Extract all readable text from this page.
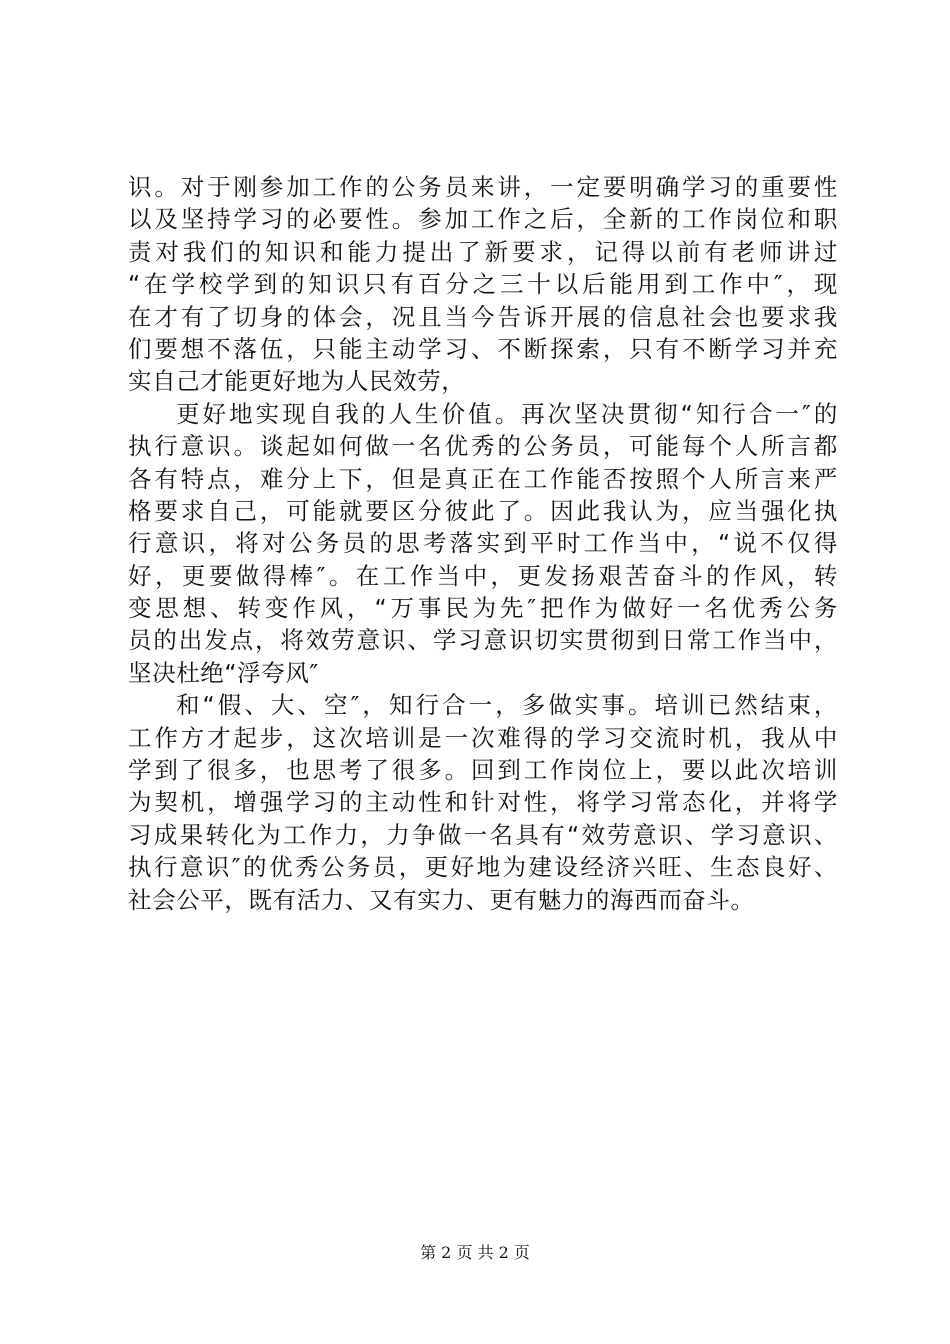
识。对于刚参加工作的公务员来讲，一定要明确学习的重要性
以及坚持学习的必要性。参加工作之后，全新的工作岗位和职
责对我们的知识和能力提出了新要求，记得以前有老师讲过
“在学校学到的知识只有百分之三十以后能用到工作中″，现
在才有了切身的体会，况且当今告诉开展的信息社会也要求我
们要想不落伍，只能主动学习、不断探索，只有不断学习并充
实自己才能更好地为人民效劳，
更好地实现自我的人生价值。再次坚决贯彻“知行合一″的
执行意识。谈起如何做一名优秀的公务员，可能每个人所言都
各有特点，难分上下，但是真正在工作能否按照个人所言来严
格要求自己，可能就要区分彼此了。因此我认为，应当强化执
行意识，将对公务员的思考落实到平时工作当中，“说不仅得
好，更要做得棒″。在工作当中，更发扬艰苦奋斗的作风，转
变思想、转变作风，“万事民为先″把作为做好一名优秀公务
员的出发点，将效劳意识、学习意识切实贯彻到日常工作当中，
坚决杜绝“浮夸风″
和“假、大、空″，知行合一，多做实事。培训已然结束，
工作方才起步，这次培训是一次难得的学习交流时机，我从中
学到了很多，也思考了很多。回到工作岗位上，要以此次培训
为契机，增强学习的主动性和针对性，将学习常态化，并将学
习成果转化为工作力，力争做一名具有“效劳意识、学习意识、
执行意识″的优秀公务员，更好地为建设经济兴旺、生态良好、
社会公平，既有活力、又有实力、更有魅力的海西而奋斗。
第 2 页 共 2 页
